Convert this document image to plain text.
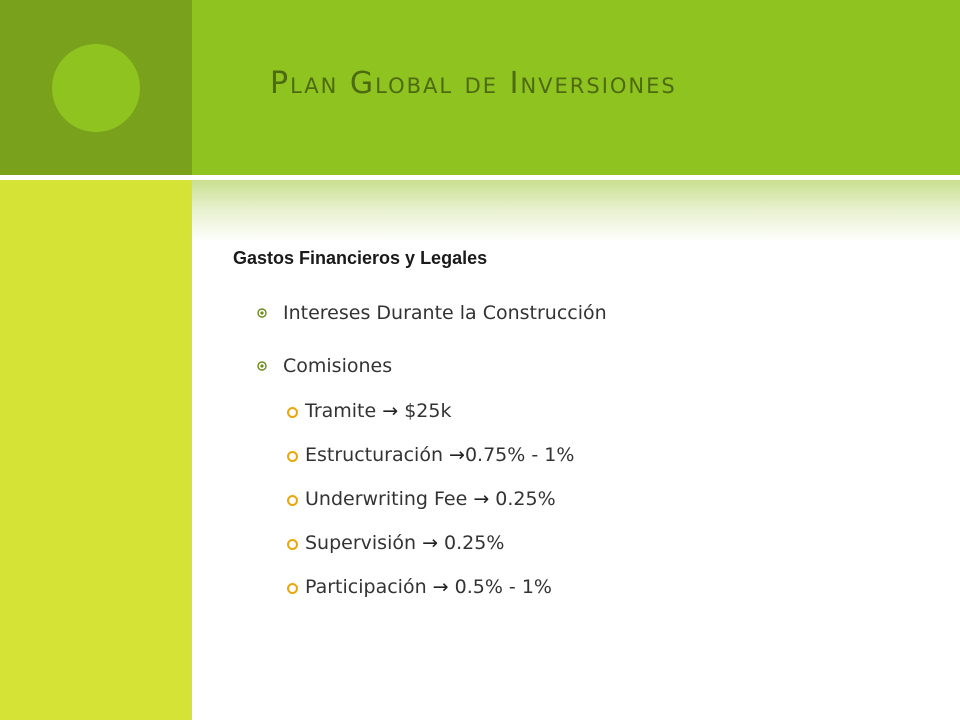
Plan Global de Inversiones
Gastos Financieros y Legales
Intereses Durante la Construcción
Comisiones
Tramite → $25k
Estructuración →0.75% - 1%
Underwriting Fee → 0.25%
Supervisión → 0.25%
Participación → 0.5% - 1%
